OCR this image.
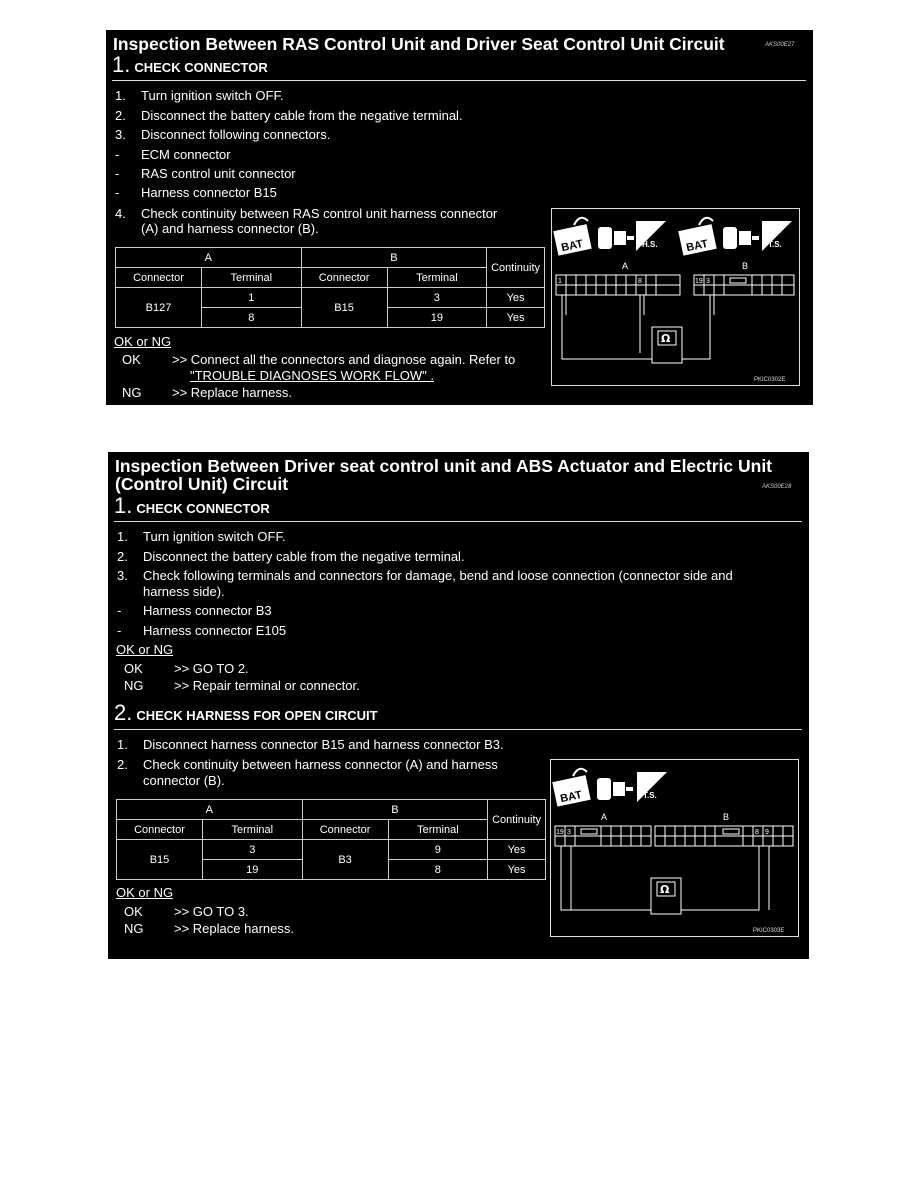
Inspection Between RAS Control Unit and Driver Seat Control Unit Circuit	AKS00E27
1. CHECK CONNECTOR
1. Turn ignition switch OFF.
2. Disconnect the battery cable from the negative terminal.
3. Disconnect following connectors.
- ECM connector
- RAS control unit connector
- Harness connector B15
4. Check continuity between RAS control unit harness connector
(A) and harness connector (B).
A		B		Continuity
Connector	Terminal	Connector	Terminal	
B127	1	B15	3	Yes
	8		19	Yes
OK or NG
OK >> Connect all the connectors and diagnose again. Refer to
"TROUBLE DIAGNOSES WORK FLOW" .
NG >> Replace harness.
BAT	H.S.	BAT	T.S.
A	B
1	8	19 3
Ω
PKIC0302E
Inspection Between Driver seat control unit and ABS Actuator and Electric Unit
(Control Unit) Circuit	AKS00E28
1. CHECK CONNECTOR
1. Turn ignition switch OFF.
2. Disconnect the battery cable from the negative terminal.
3. Check following terminals and connectors for damage, bend and loose connection (connector side and
harness side).
- Harness connector B3
- Harness connector E105
OK or NG
OK >> GO TO 2.
NG >> Repair terminal or connector.
2. CHECK HARNESS FOR OPEN CIRCUIT
1. Disconnect harness connector B15 and harness connector B3.
2. Check continuity between harness connector (A) and harness
connector (B).
A		B		Continuity
Connector	Terminal	Connector	Terminal	
B15	3	B3	9	Yes
	19		8	Yes
OK or NG
OK >> GO TO 3.
NG >> Replace harness.
BAT	T.S.
A	B
19 3	8 9
Ω
PKIC0303E
